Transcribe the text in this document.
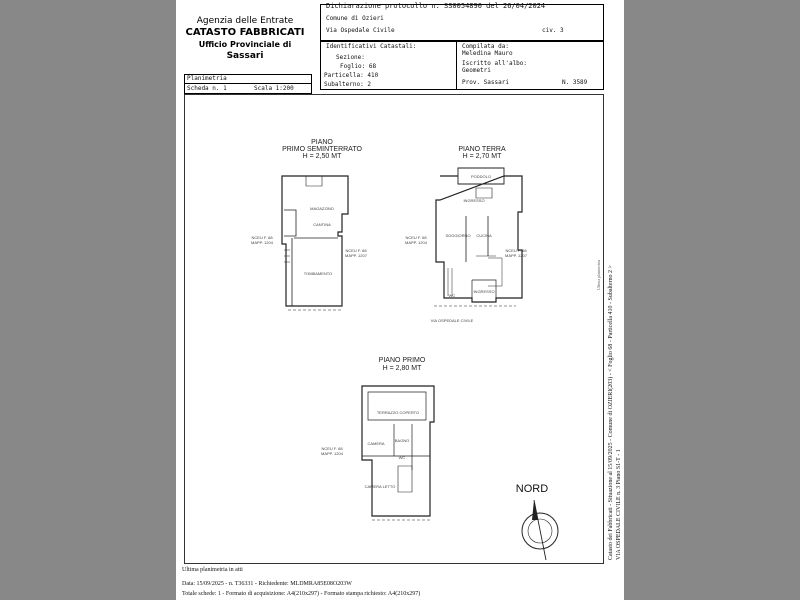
Agenzia delle Entrate
CATASTO FABBRICATI
Ufficio Provinciale di
Sassari
Dichiarazione protocollo n. SS0054890 del 26/04/2024
Comune di Ozieri
Via Ospedale Civile	civ. 3
Identificativi Catastali:
Sezione:
Foglio: 68
Particella: 410
Subalterno: 2
Compilata da:
Meledina Mauro
Iscritto all'albo:
Geometri
Prov. Sassari	N. 3589
Planimetria
Scheda n. 1	Scala 1:200
PIANO
PRIMO SEMINTERRATO
H = 2,50 MT
PIANO TERRA
H = 2,70 MT
PIANO PRIMO
H = 2,80 MT
NCEU F. 68
MAPP. 1204
NCEU F. 68
MAPP. 1207
MAGAZZINO
CANTINA
TOMBAMENTO
NCEU F. 68
MAPP. 1204
NCEU F. 68
MAPP. 1207
PODDOLO
INGRESSO
SOGGIORNO CUCINA
WC
INGRESSO
VIA OSPEDALE CIVILE
NCEU F. 68
MAPP. 1204
TERRAZZO COPERTO
CAMERA
BAGNO
WC
CAMERA LETTO	NORD
Ultima planimetria in atti
Data: 15/09/2025 - n. T36331 - Richiedente: MLDMRA85E08O203W
Totale schede: 1 - Formato di acquisizione: A4(210x297) - Formato stampa richiesto: A4(210x297)
Catasto dei Fabbricati - Situazione al 15/09/2025 - Comune di OZIERI(203) - < Foglio 68 - Particella 410 - Subalterno 2 > VIA OSPEDALE CIVILE n. 3 Piano S1-T - 1
Ultima planimetria
